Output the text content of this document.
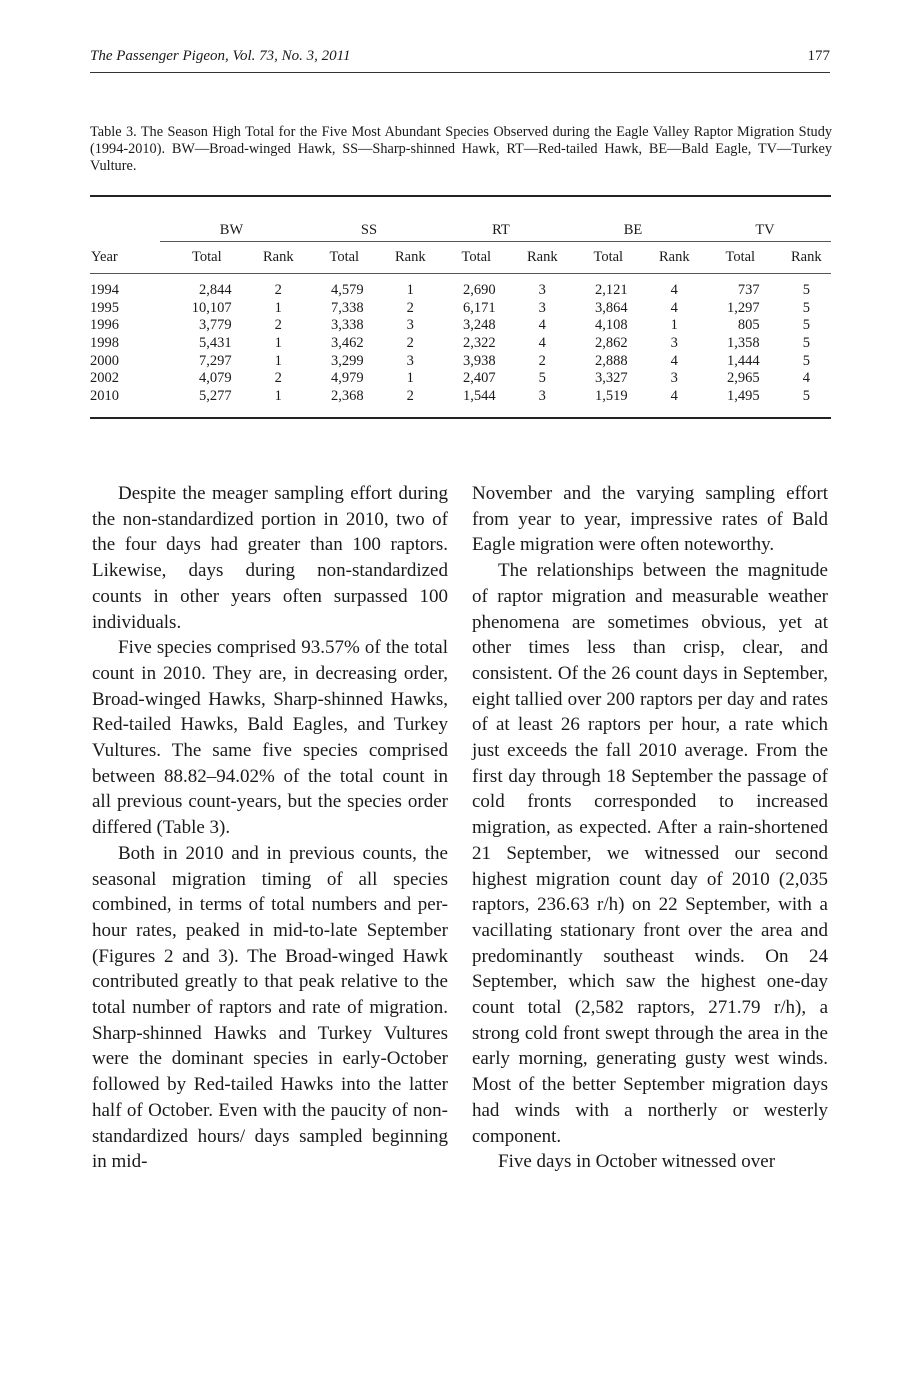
The Passenger Pigeon, Vol. 73, No. 3, 2011	177
Table 3. The Season High Total for the Five Most Abundant Species Observed during the Eagle Valley Raptor Migration Study (1994-2010). BW—Broad-winged Hawk, SS—Sharp-shinned Hawk, RT—Red-tailed Hawk, BE—Bald Eagle, TV—Turkey Vulture.
	BW		SS		RT		BE		TV	
Year	Total	Rank	Total	Rank	Total	Rank	Total	Rank	Total	Rank
1994	2,844	2	4,579	1	2,690	3	2,121	4	737	5
1995	10,107	1	7,338	2	6,171	3	3,864	4	1,297	5
1996	3,779	2	3,338	3	3,248	4	4,108	1	805	5
1998	5,431	1	3,462	2	2,322	4	2,862	3	1,358	5
2000	7,297	1	3,299	3	3,938	2	2,888	4	1,444	5
2002	4,079	2	4,979	1	2,407	5	3,327	3	2,965	4
2010	5,277	1	2,368	2	1,544	3	1,519	4	1,495	5

Despite the meager sampling effort during the non-standardized portion in 2010, two of the four days had greater than 100 raptors. Likewise, days during non-standardized counts in other years often surpassed 100 individuals.

Five species comprised 93.57% of the total count in 2010. They are, in decreasing order, Broad-winged Hawks, Sharp-shinned Hawks, Red-tailed Hawks, Bald Eagles, and Turkey Vultures. The same five species comprised between 88.82–94.02% of the total count in all previous count-years, but the species order differed (Table 3).

Both in 2010 and in previous counts, the seasonal migration timing of all species combined, in terms of total numbers and per-hour rates, peaked in mid-to-late September (Figures 2 and 3). The Broad-winged Hawk contributed greatly to that peak relative to the total number of raptors and rate of migration. Sharp-shinned Hawks and Turkey Vultures were the dominant species in early-October followed by Red-tailed Hawks into the latter half of October. Even with the paucity of non-standardized hours/ days sampled beginning in mid-

November and the varying sampling effort from year to year, impressive rates of Bald Eagle migration were often noteworthy.

The relationships between the magnitude of raptor migration and measurable weather phenomena are sometimes obvious, yet at other times less than crisp, clear, and consistent. Of the 26 count days in September, eight tallied over 200 raptors per day and rates of at least 26 raptors per hour, a rate which just exceeds the fall 2010 average. From the first day through 18 September the passage of cold fronts corresponded to increased migration, as expected. After a rain-shortened 21 September, we witnessed our second highest migration count day of 2010 (2,035 raptors, 236.63 r/h) on 22 September, with a vacillating stationary front over the area and predominantly southeast winds. On 24 September, which saw the highest one-day count total (2,582 raptors, 271.79 r/h), a strong cold front swept through the area in the early morning, generating gusty west winds. Most of the better September migration days had winds with a northerly or westerly component.

Five days in October witnessed over
